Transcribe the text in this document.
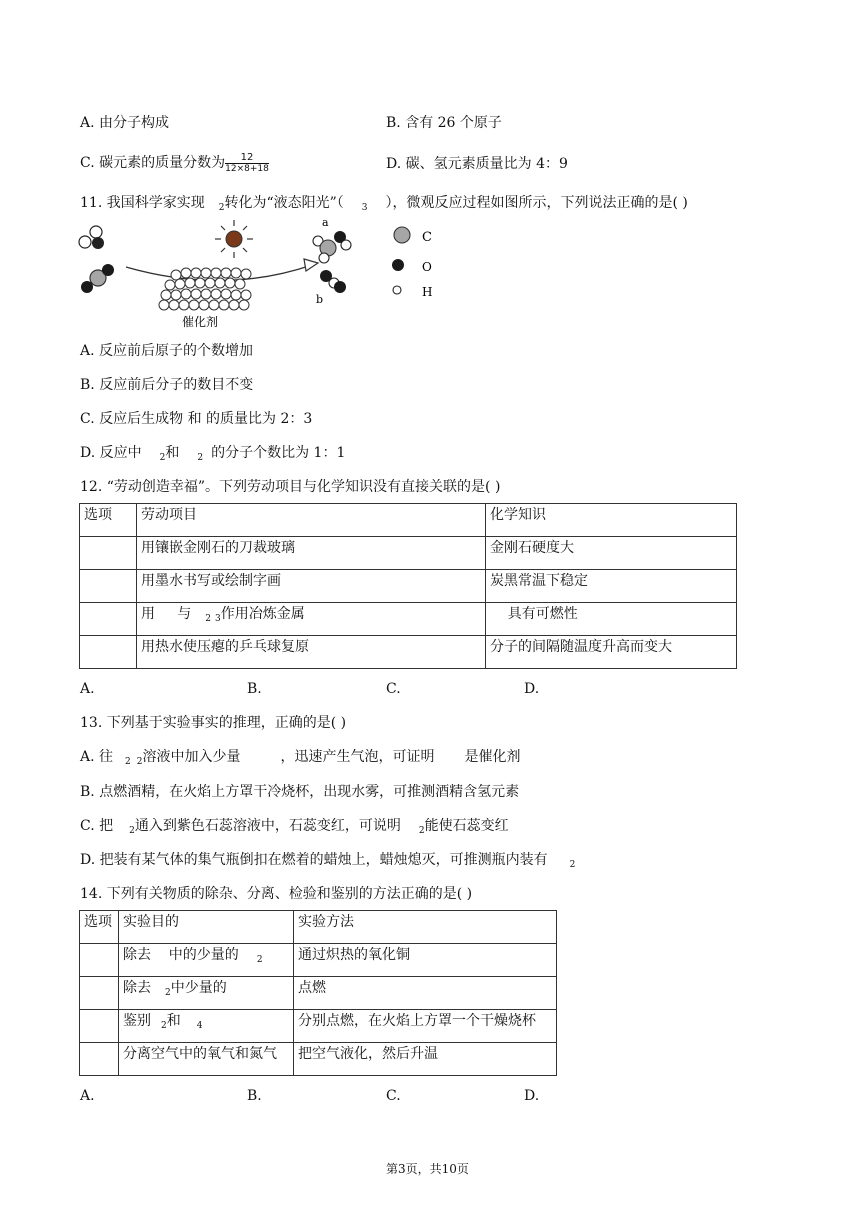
A. 由分子构成	B. 含有 26 个原子
C. 碳元素的质量分数为 $\frac{12}{12\times 8+18}$	D. 碳、氢元素质量比为 4：9
11. 我国科学家实现 $_2$转化为“液态阳光”（ $_3$ ），微观反应过程如图所示，下列说法正确的是( )
催化剂
a
b
C
O
H
A. 反应前后原子的个数增加
B. 反应前后分子的数目不变
C. 反应后生成物 和 的质量比为 2：3
D. 反应中 $_2$和 $_2$ 的分子个数比为 1：1
12. “劳动创造幸福”。下列劳动项目与化学知识没有直接关联的是( )
选项	劳动项目	化学知识
	用镶嵌金刚石的刀裁玻璃	金刚石硬度大
	用墨水书写或绘制字画	炭黑常温下稳定
	用     与 $_2$ $_3$作用冶炼金属	具有可燃性
	用热水使压瘪的乒乓球复原	分子的间隔随温度升高而变大
A.	B.	C.	D.
13. 下列基于实验事实的推理，正确的是( )
A. 往 $_2$ $_2$溶液中加入少量	，迅速产生气泡，可证明 是催化剂
B. 点燃酒精，在火焰上方罩干冷烧杯，出现水雾，可推测酒精含氢元素
C. 把 $_2$通入到紫色石蕊溶液中，石蕊变红，可说明 $_2$能使石蕊变红
D. 把装有某气体的集气瓶倒扣在燃着的蜡烛上，蜡烛熄灭，可推测瓶内装有 $_2$
14. 下列有关物质的除杂、分离、检验和鉴别的方法正确的是( )
选项	实验目的	实验方法
	除去    中的少量的 $_2$	通过炽热的氧化铜
	除去 $_2$中少量的	点燃
	鉴别 $_2$和 $_4$	分别点燃，在火焰上方罩一个干燥烧杯
	分离空气中的氧气和氮气	把空气液化，然后升温
A.	B.	C.	D.
第3页，共10页
